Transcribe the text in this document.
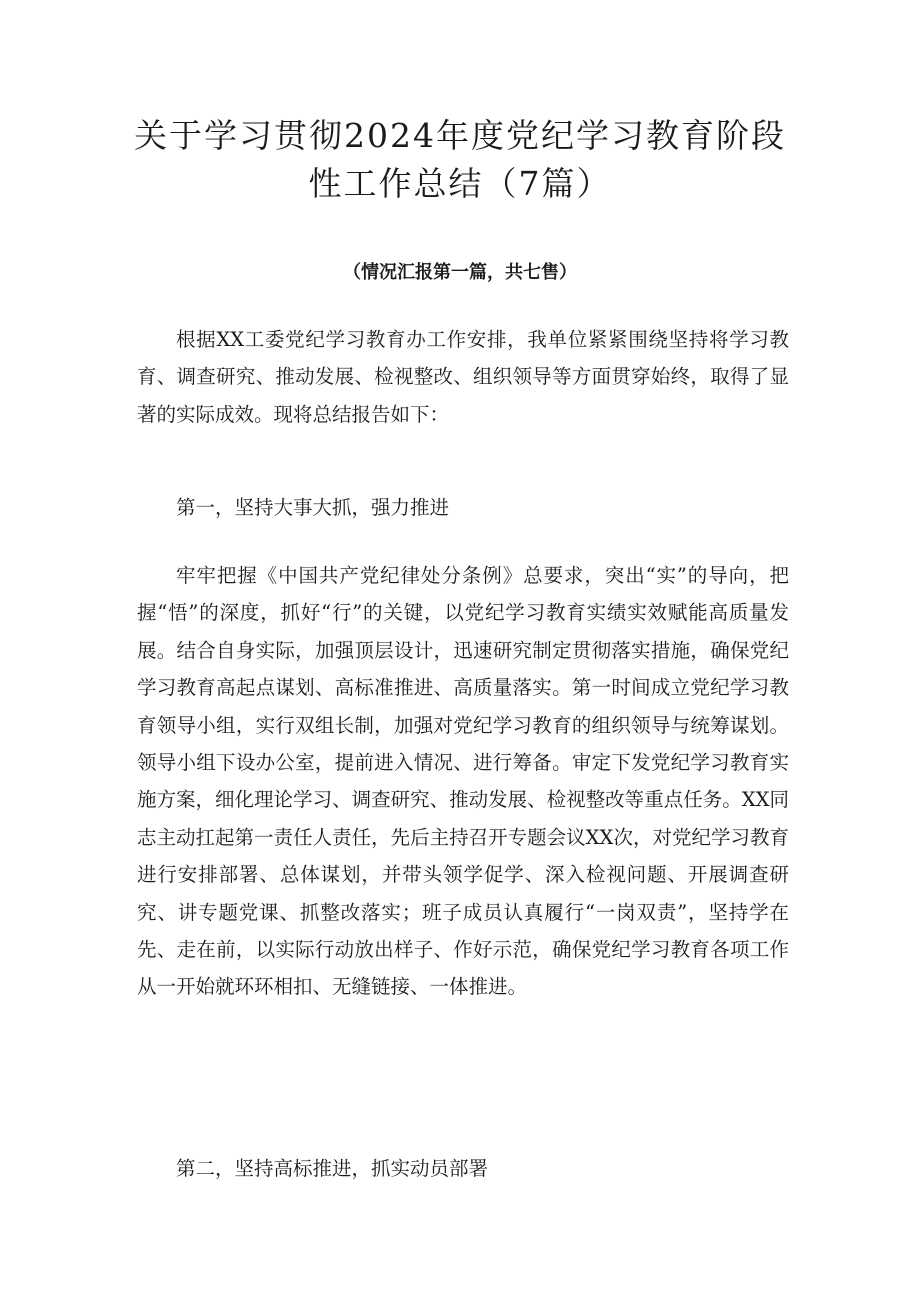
关于学习贯彻2024年度党纪学习教育阶段
性工作总结（7篇）

（情况汇报第一篇，共七售）

根据XX工委党纪学习教育办工作安排，我单位紧紧围绕坚持将学习教育、调查研究、推动发展、检视整改、组织领导等方面贯穿始终，取得了显著的实际成效。现将总结报告如下：

第一，坚持大事大抓，强力推进

牢牢把握《中国共产党纪律处分条例》总要求，突出“实”的导向，把握“悟”的深度，抓好“行”的关键，以党纪学习教育实绩实效赋能高质量发展。结合自身实际，加强顶层设计，迅速研究制定贯彻落实措施，确保党纪学习教育高起点谋划、高标准推进、高质量落实。第一时间成立党纪学习教育领导小组，实行双组长制，加强对党纪学习教育的组织领导与统筹谋划。领导小组下设办公室，提前进入情况、进行筹备。审定下发党纪学习教育实施方案，细化理论学习、调查研究、推动发展、检视整改等重点任务。XX同志主动扛起第一责任人责任，先后主持召开专题会议XX次，对党纪学习教育进行安排部署、总体谋划，并带头领学促学、深入检视问题、开展调查研究、讲专题党课、抓整改落实；班子成员认真履行“一岗双责”，坚持学在先、走在前，以实际行动放出样子、作好示范，确保党纪学习教育各项工作从一开始就环环相扣、无缝链接、一体推进。

第二，坚持高标推进，抓实动员部署
